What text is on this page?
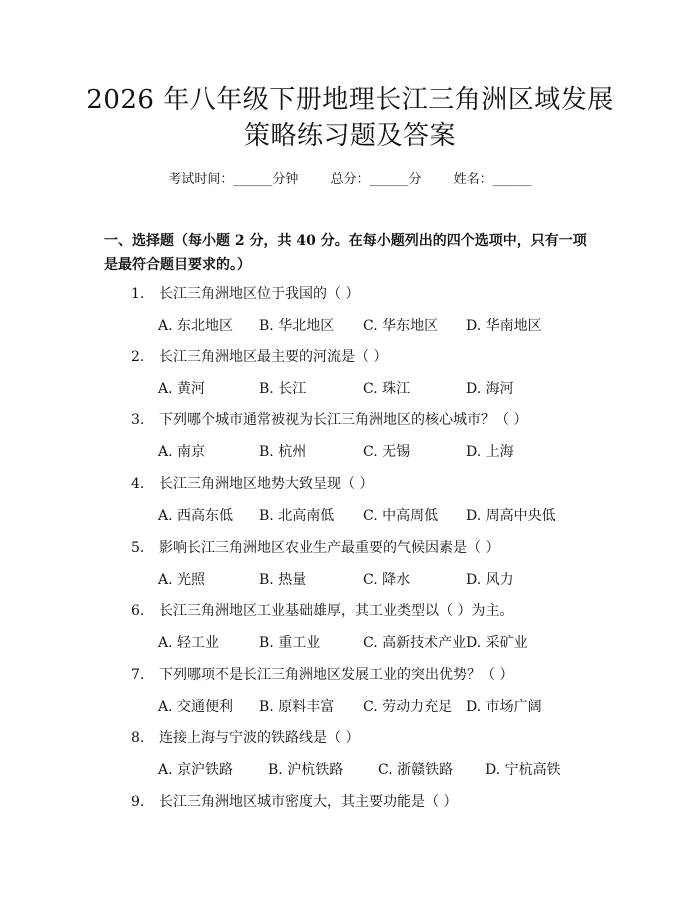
2026 年八年级下册地理长江三角洲区域发展
策略练习题及答案
考试时间：______分钟 总分：______分 姓名：______
一、选择题（每小题 2 分，共 40 分。在每小题列出的四个选项中，只有一项是最符合题目要求的。）
1. 长江三角洲地区位于我国的（ ）
A. 东北地区 B. 华北地区 C. 华东地区 D. 华南地区
2. 长江三角洲地区最主要的河流是（ ）
A. 黄河	B. 长江	C. 珠江	D. 海河
3. 下列哪个城市通常被视为长江三角洲地区的核心城市？（ ）
A. 南京	B. 杭州	C. 无锡	D. 上海
4. 长江三角洲地区地势大致呈现（ ）
A. 西高东低 B. 北高南低 C. 中高周低 D. 周高中央低
5. 影响长江三角洲地区农业生产最重要的气候因素是（ ）
A. 光照	B. 热量	C. 降水	D. 风力
6. 长江三角洲地区工业基础雄厚，其工业类型以（ ）为主。
A. 轻工业	B. 重工业	C. 高新技术产业 D. 采矿业
7. 下列哪项不是长江三角洲地区发展工业的突出优势？（ ）
A. 交通便利 B. 原料丰富 C. 劳动力充足 D. 市场广阔
8. 连接上海与宁波的铁路线是（ ）
A. 京沪铁路 B. 沪杭铁路 C. 浙赣铁路 D. 宁杭高铁
9. 长江三角洲地区城市密度大，其主要功能是（ ）
